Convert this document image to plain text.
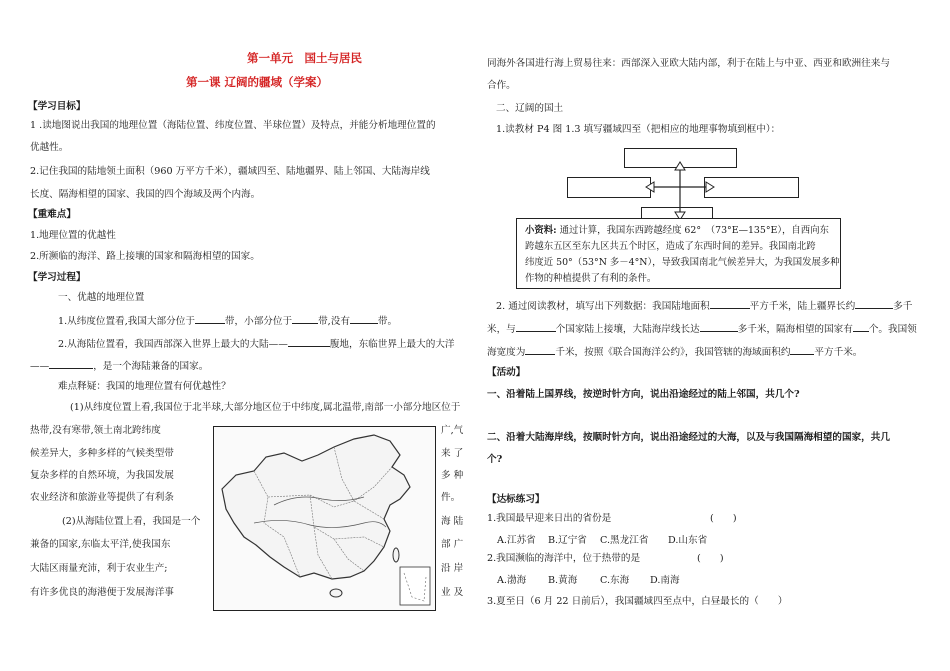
第一单元　国土与居民
第一课 辽阔的疆域（学案）
【学习目标】
1 .读地图说出我国的地理位置（海陆位置、纬度位置、半球位置）及特点，并能分析地理位置的
优越性。
2.记住我国的陆地领土面积（960 万平方千米），疆域四至、陆地疆界、陆上邻国、大陆海岸线
长度、隔海相望的国家、我国的四个海域及两个内海。
【重难点】
1.地理位置的优越性
2.所濒临的海洋、路上接壤的国家和隔海相望的国家。
【学习过程】
一、优越的地理位置
1.从纬度位置看,我国大部分位于	带，小部分位于	带,没有	带。
2.从海陆位置看，我国西部深入世界上最大的大陆——	腹地，东临世界上最大的大洋
——	，是一个海陆兼备的国家。
难点释疑：我国的地理位置有何优越性？
(1)从纬度位置上看,我国位于北半球,大部分地区位于中纬度,属北温带,南部一小部分地区位于
热带,没有寒带,领土南北跨纬度
候差异大，多种多样的气候类型带
复杂多样的自然环境，为我国发展
农业经济和旅游业等提供了有利条
(2)从海陆位置上看，我国是一个
兼备的国家,东临太平洋,使我国东
大陆区雨量充沛，利于农业生产;
有许多优良的海港便于发展海洋事
广,气
来 了
多 种
件。
海 陆
部 广
沿 岸
业 及
同海外各国进行海上贸易往来：西部深入亚欧大陆内部，利于在陆上与中亚、西亚和欧洲往来与
合作。
二、辽阔的国土
1.读教材 P4 图 1.3 填写疆域四至（把相应的地理事物填到框中）：
小资料: 通过计算，我国东西跨越经度 62°　（73°E—135°E），自西向东
跨越东五区至东九区共五个时区，造成了东西时间的差异。我国南北跨
纬度近 50°（53°N 多－4°N），导致我国南北气候差异大，为我国发展多种
作物的种植提供了有利的条件。
2. 通过阅读教材，填写出下列数据：我国陆地面积	平方千米，陆上疆界长约	多千
米，与	个国家陆上接壤，大陆海岸线长达	多千米，隔海相望的国家有 个。我国领
海宽度为	千米，按照《联合国海洋公约》，我国管辖的海域面积约	平方千米。
【活动】
一、沿着陆上国界线，按逆时针方向，说出沿途经过的陆上邻国，共几个?
二、沿着大陆海岸线，按顺时针方向，说出沿途经过的大海，以及与我国隔海相望的国家，共几
个?
【达标练习】
1.我国最早迎来日出的省份是	(　　)
A.江苏省 B.辽宁省 C.黑龙江省 D.山东省
2.我国濒临的海洋中，位于热带的是	(　　)
A.渤海 B.黄海 C.东海 D.南海
3.夏至日（6 月 22 日前后），我国疆域四至点中，白昼最长的（　　）
